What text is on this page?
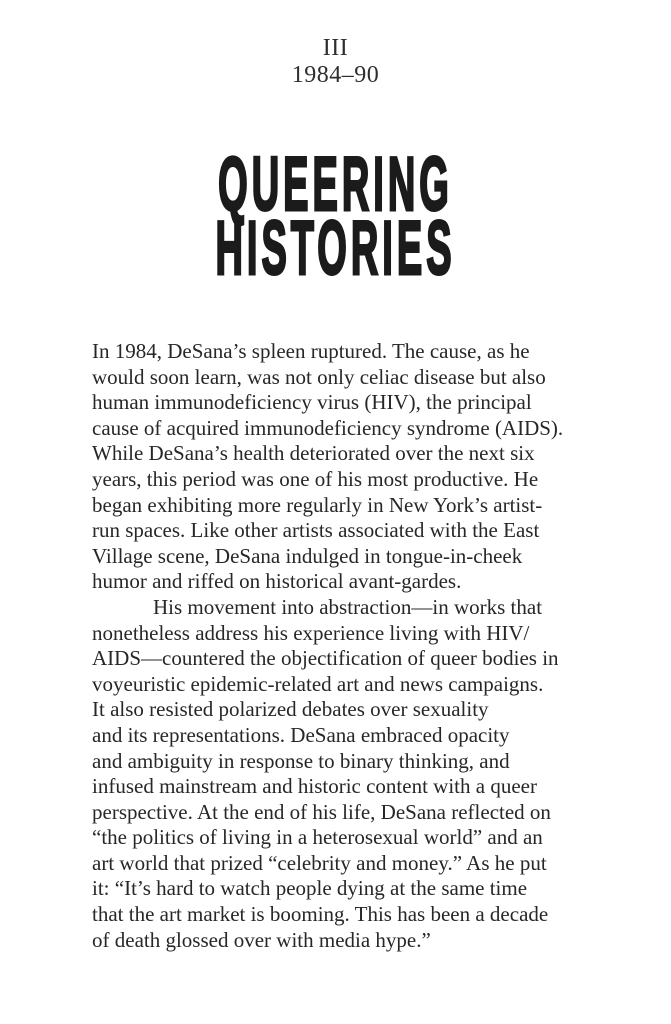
III
1984–90
QUEERING
HISTORIES
In 1984, DeSana’s spleen ruptured. The cause, as he
would soon learn, was not only celiac disease but also
human immunodeficiency virus (HIV), the principal
cause of acquired immunodeficiency syndrome (AIDS).
While DeSana’s health deteriorated over the next six
years, this period was one of his most productive. He
began exhibiting more regularly in New York’s artist-
run spaces. Like other artists associated with the East
Village scene, DeSana indulged in tongue-in-cheek
humor and riffed on historical avant-gardes.
His movement into abstraction—in works that
nonetheless address his experience living with HIV/
AIDS—countered the objectification of queer bodies in
voyeuristic epidemic-related art and news campaigns.
It also resisted polarized debates over sexuality
and its representations. DeSana embraced opacity
and ambiguity in response to binary thinking, and
infused mainstream and historic content with a queer
perspective. At the end of his life, DeSana reflected on
“the politics of living in a heterosexual world” and an
art world that prized “celebrity and money.” As he put
it: “It’s hard to watch people dying at the same time
that the art market is booming. This has been a decade
of death glossed over with media hype.”
